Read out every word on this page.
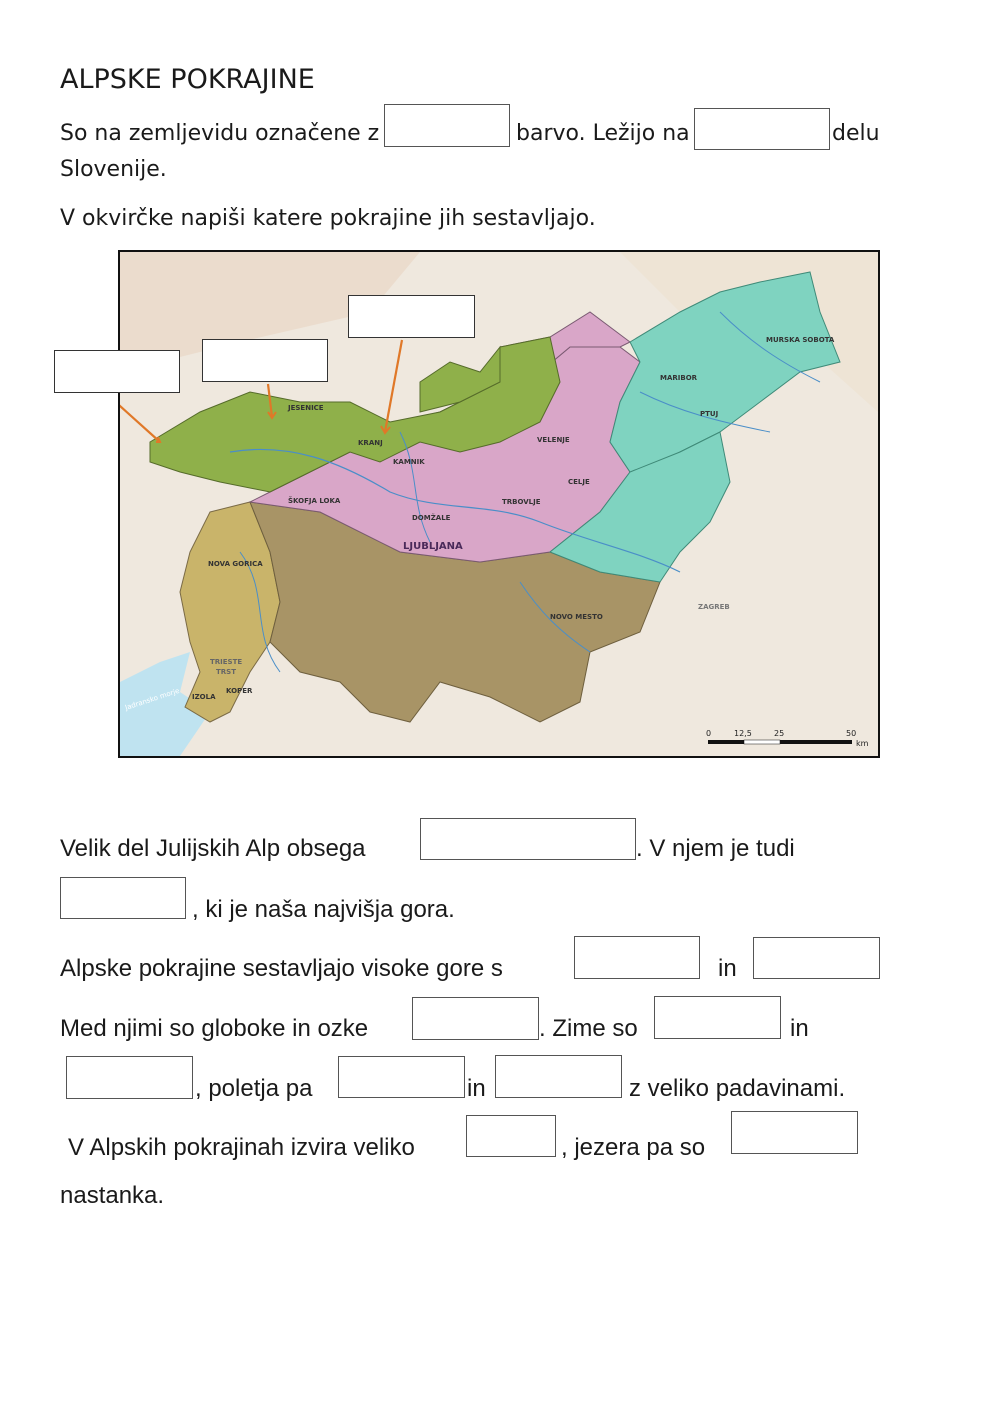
ALPSKE POKRAJINE
So na zemljevidu označene z	barvo. Ležijo na	delu
Slovenije.
V okvirčke napiši katere pokrajine jih sestavljajo.
JESENICE
KRANJ
KAMNIK
ŠKOFJA LOKA
DOMŽALE
LJUBLJANA
TRBOVLJE
CELJE
VELENJE
MARIBOR
PTUJ
MURSKA SOBOTA
NOVA GORICA
NOVO MESTO
ZAGREB
TRIESTE
TRST
KOPER
IZOLA
Jadransko morje
0	12,5	25	50
km
Velik del Julijskih Alp obsega	. V njem je tudi
, ki je naša najvišja gora.
Alpske pokrajine sestavljajo visoke gore s	in
Med njimi so globoke in ozke	. Zime so	in
, poletja pa	in	z veliko padavinami.
V Alpskih pokrajinah izvira veliko	, jezera pa so
nastanka.
